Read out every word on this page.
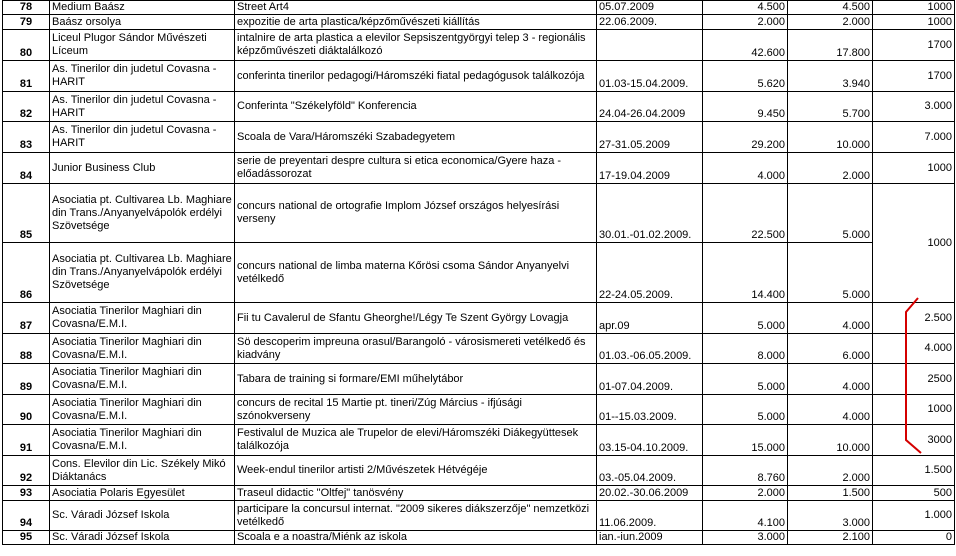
78	Medium Baász	Street Art4	05.07.2009	4.500	4.500	1000
79	Baász orsolya	expozitie de arta plastica/képzőművészeti kiállítás	22.06.2009.	2.000	2.000	1000
80	Liceul Plugor Sándor Művészeti Líceum	intalnire de arta plastica a elevilor Sepsiszentgyörgyi telep 3 - regionális képzőművészeti diáktalálkozó		42.600	17.800	1700
81	As. Tinerilor din judetul Covasna - HARIT	conferinta tinerilor pedagogi/Háromszéki fiatal pedagógusok találkozója	01.03-15.04.2009.	5.620	3.940	1700
82	As. Tinerilor din judetul Covasna - HARIT	Conferinta "Székelyföld" Konferencia	24.04-26.04.2009	9.450	5.700	3.000
83	As. Tinerilor din judetul Covasna - HARIT	Scoala de Vara/Háromszéki Szabadegyetem	27-31.05.2009	29.200	10.000	7.000
84	Junior Business Club	serie de preyentari despre cultura si etica economica/Gyere haza - előadássorozat	17-19.04.2009	4.000	2.000	1000
85	Asociatia pt. Cultivarea Lb. Maghiare din Trans./Anyanyelvápolók erdélyi Szövetsége	concurs national de ortografie Implom József országos helyesírási verseny	30.01.-01.02.2009.	22.500	5.000	1000
86	Asociatia pt. Cultivarea Lb. Maghiare din Trans./Anyanyelvápolók erdélyi Szövetsége	concurs national de limba materna Kőrösi csoma Sándor Anyanyelvi vetélkedő	22-24.05.2009.	14.400	5.000	
87	Asociatia Tinerilor Maghiari din Covasna/E.M.I.	Fii tu Cavalerul de Sfantu Gheorghe!/Légy Te Szent György Lovagja	apr.09	5.000	4.000	2.500
88	Asociatia Tinerilor Maghiari din Covasna/E.M.I.	Sö descoperim impreuna orasul/Barangoló - városismereti vetélkedő és kiadvány	01.03.-06.05.2009.	8.000	6.000	4.000
89	Asociatia Tinerilor Maghiari din Covasna/E.M.I.	Tabara de training si formare/EMI műhelytábor	01-07.04.2009.	5.000	4.000	2500
90	Asociatia Tinerilor Maghiari din Covasna/E.M.I.	concurs de recital 15 Martie pt. tineri/Zúg Március - ifjúsági szónokverseny	01--15.03.2009.	5.000	4.000	1000
91	Asociatia Tinerilor Maghiari din Covasna/E.M.I.	Festivalul de Muzica ale Trupelor de elevi/Háromszéki Diákegyüttesek találkozója	03.15-04.10.2009.	15.000	10.000	3000
92	Cons. Elevilor din Lic. Székely Mikó Diáktanács	Week-endul tinerilor artisti 2/Művészetek Hétvégéje	03.-05.04.2009.	8.760	2.000	1.500
93	Asociatia Polaris Egyesület	Traseul didactic "Oltfej" tanösvény	20.02.-30.06.2009	2.000	1.500	500
94	Sc. Váradi József Iskola	participare la concursul internat. "2009 sikeres diákszerzője" nemzetközi vetélkedő	11.06.2009.	4.100	3.000	1.000
95	Sc. Váradi József Iskola	Scoala e a noastra/Miénk az iskola	ian.-iun.2009	3.000	2.100	0
